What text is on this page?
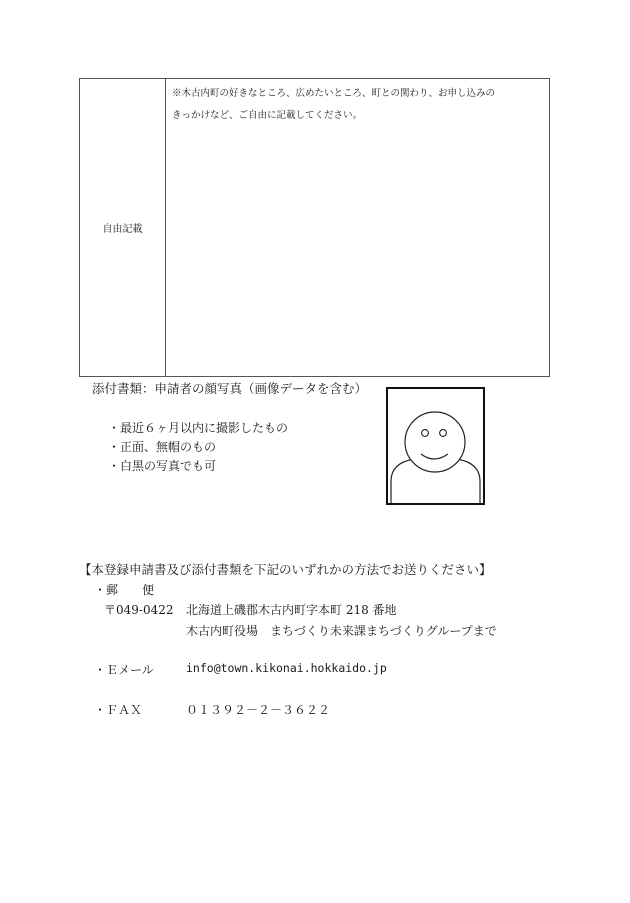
自由記載
※木古内町の好きなところ、広めたいところ、町との関わり、お申し込みの
きっかけなど、ご自由に記載してください。
添付書類：申請者の顔写真（画像データを含む）
・最近６ヶ月以内に撮影したもの
・正面、無帽のもの
・白黒の写真でも可
【本登録申請書及び添付書類を下記のいずれかの方法でお送りください】
・郵　　便
〒049-0422 北海道上磯郡木古内町字本町 218 番地
木古内町役場　まちづくり未来課まちづくりグループまで
・Ｅメール	info@town.kikonai.hokkaido.jp
・ＦＡＸ	０１３９２－２－３６２２
